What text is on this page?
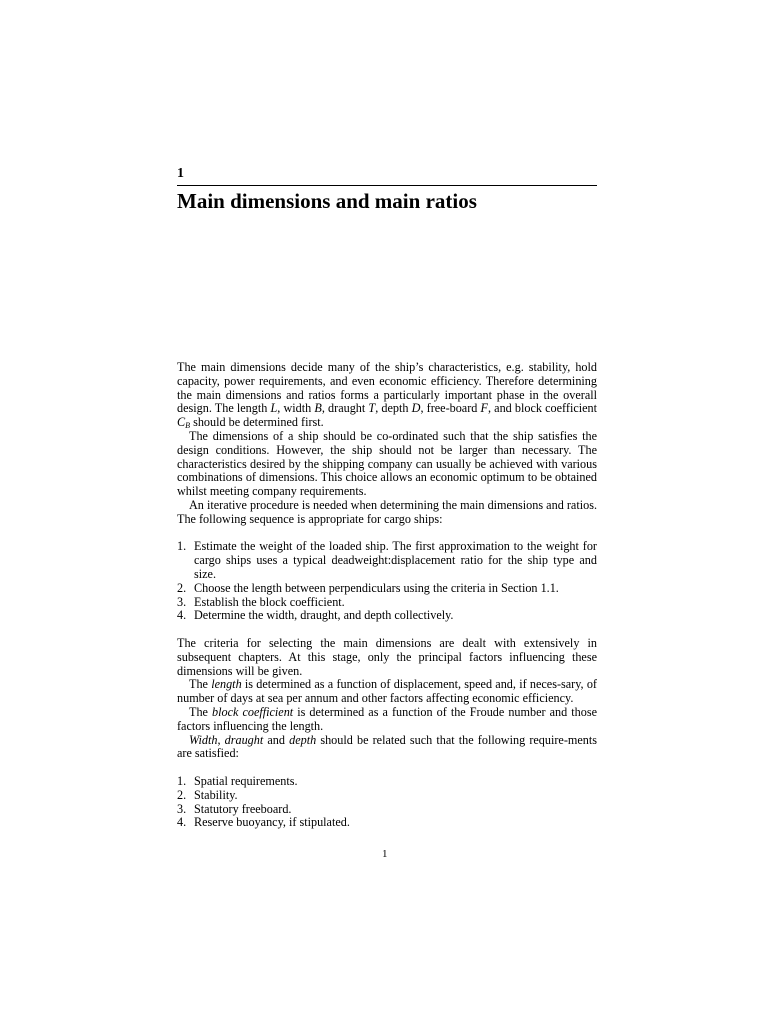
1
Main dimensions and main ratios

The main dimensions decide many of the ship’s characteristics, e.g. stability, hold capacity, power requirements, and even economic efficiency. Therefore determining the main dimensions and ratios forms a particularly important phase in the overall design. The length L, width B, draught T, depth D, free-board F, and block coefficient $C_B$ should be determined first.

The dimensions of a ship should be co-ordinated such that the ship satisfies the design conditions. However, the ship should not be larger than necessary. The characteristics desired by the shipping company can usually be achieved with various combinations of dimensions. This choice allows an economic optimum to be obtained whilst meeting company requirements.

An iterative procedure is needed when determining the main dimensions and ratios. The following sequence is appropriate for cargo ships:

1. Estimate the weight of the loaded ship. The first approximation to the weight for cargo ships uses a typical deadweight:displacement ratio for the ship type and size.
2. Choose the length between perpendiculars using the criteria in Section 1.1.
3. Establish the block coefficient.
4. Determine the width, draught, and depth collectively.

The criteria for selecting the main dimensions are dealt with extensively in subsequent chapters. At this stage, only the principal factors influencing these dimensions will be given.

The length is determined as a function of displacement, speed and, if neces-sary, of number of days at sea per annum and other factors affecting economic efficiency.

The block coefficient is determined as a function of the Froude number and those factors influencing the length.

Width, draught and depth should be related such that the following require-ments are satisfied:

1. Spatial requirements.
2. Stability.
3. Statutory freeboard.
4. Reserve buoyancy, if stipulated.
1
